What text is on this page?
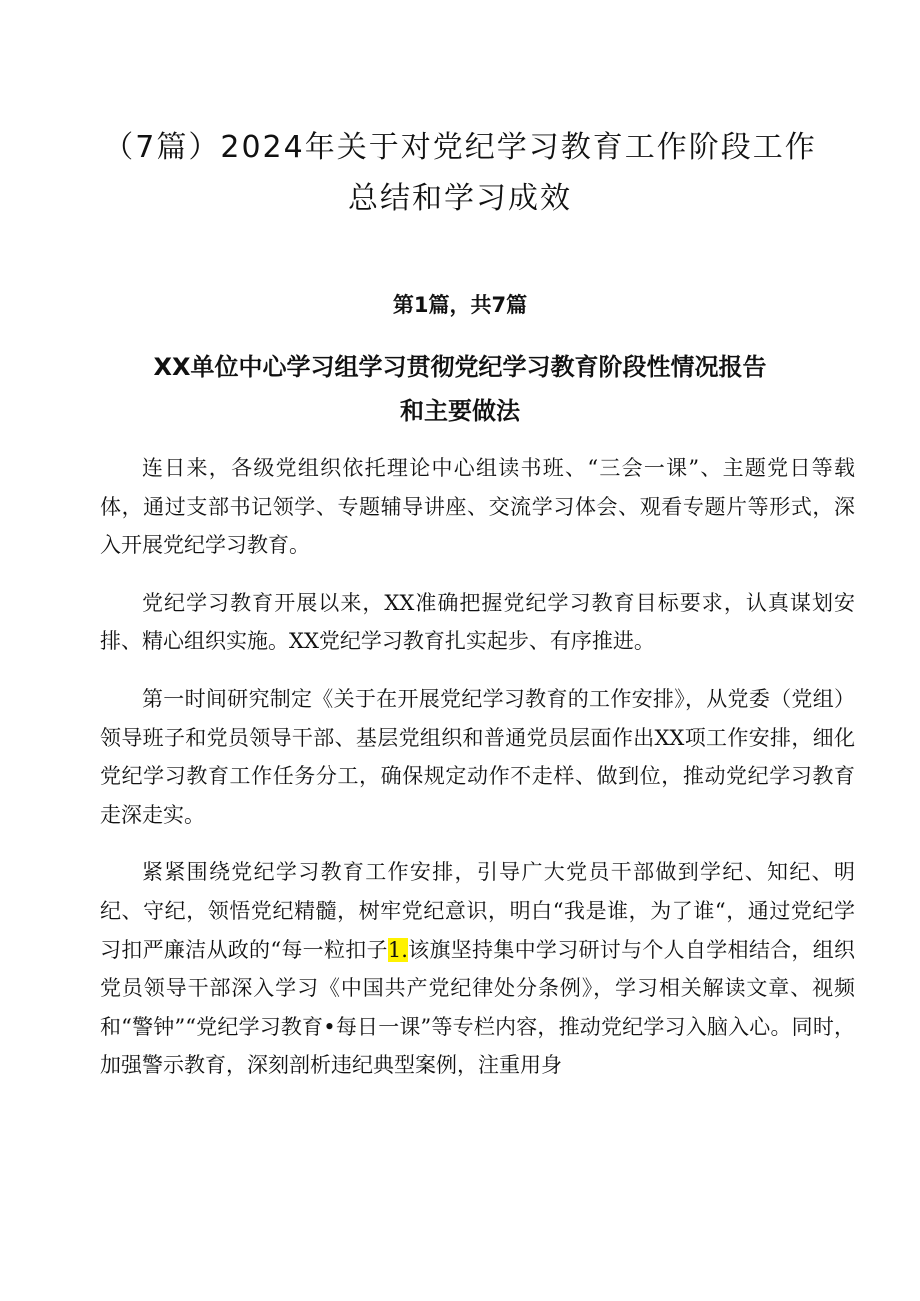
（7篇）2024年关于对党纪学习教育工作阶段工作
总结和学习成效

第1篇，共7篇

XX单位中心学习组学习贯彻党纪学习教育阶段性情况报告
和主要做法

连日来，各级党组织依托理论中心组读书班、“三会一课”、主题党日等载体，通过支部书记领学、专题辅导讲座、交流学习体会、观看专题片等形式，深入开展党纪学习教育。

党纪学习教育开展以来，XX准确把握党纪学习教育目标要求，认真谋划安排、精心组织实施。XX党纪学习教育扎实起步、有序推进。

第一时间研究制定《关于在开展党纪学习教育的工作安排》，从党委（党组）领导班子和党员领导干部、基层党组织和普通党员层面作出XX项工作安排，细化党纪学习教育工作任务分工，确保规定动作不走样、做到位，推动党纪学习教育走深走实。

紧紧围绕党纪学习教育工作安排，引导广大党员干部做到学纪、知纪、明纪、守纪，领悟党纪精髓，树牢党纪意识，明白“我是谁，为了谁“，通过党纪学习扣严廉洁从政的“每一粒扣子1.该旗坚持集中学习研讨与个人自学相结合，组织党员领导干部深入学习《中国共产党纪律处分条例》，学习相关解读文章、视频和“警钟”“党纪学习教育•每日一课”等专栏内容，推动党纪学习入脑入心。同时，加强警示教育，深刻剖析违纪典型案例，注重用身
